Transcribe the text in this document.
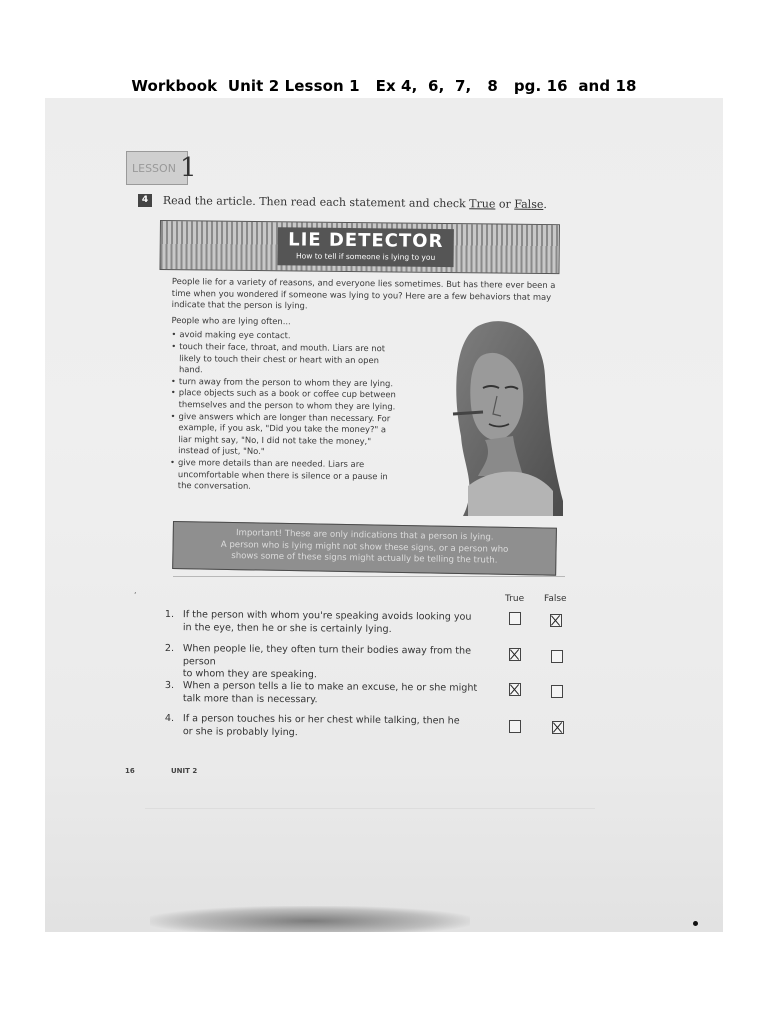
Workbook  Unit 2 Lesson 1   Ex 4,  6,  7,   8   pg. 16  and 18
LESSON 1
4	Read the article. Then read each statement and check True or False.
LIE DETECTOR
How to tell if someone is lying to you

People lie for a variety of reasons, and everyone lies sometimes. But has there ever been a time when you wondered if someone was lying to you? Here are a few behaviors that may indicate that the person is lying.

People who are lying often...

• avoid making eye contact.
• touch their face, throat, and mouth. Liars are not likely to touch their chest or heart with an open hand.
• turn away from the person to whom they are lying.
• place objects such as a book or coffee cup between themselves and the person to whom they are lying.
• give answers which are longer than necessary. For example, if you ask, "Did you take the money?" a liar might say, "No, I did not take the money," instead of just, "No."
• give more details than are needed. Liars are uncomfortable when there is silence or a pause in the conversation.
Important! These are only indications that a person is lying.
A person who is lying might not show these signs, or a person who
shows some of these signs might actually be telling the truth.
,
True False
1. If the person with whom you're speaking avoids looking you
in the eye, then he or she is certainly lying.
2. When people lie, they often turn their bodies away from the person
to whom they are speaking.
3. When a person tells a lie to make an excuse, he or she might
talk more than is necessary.
4. If a person touches his or her chest while talking, then he
or she is probably lying.
16	UNIT 2
